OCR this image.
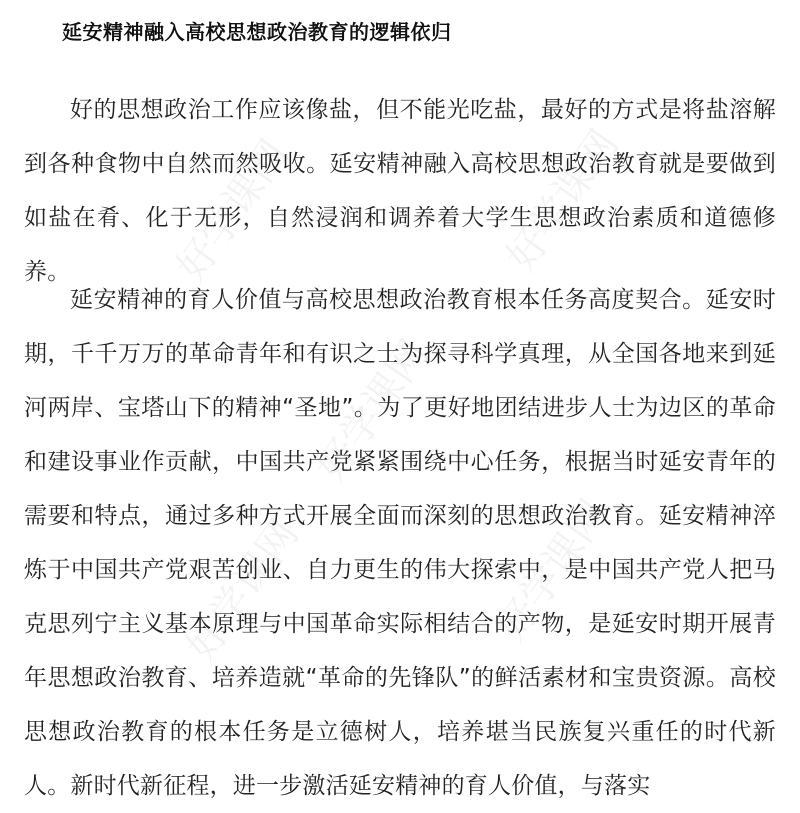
好学课网	好学课网
好学课网
好学课网	好学课网
延安精神融入高校思想政治教育的逻辑依归

好的思想政治工作应该像盐，但不能光吃盐，最好的方式是将盐溶解到各种食物中自然而然吸收。延安精神融入高校思想政治教育就是要做到如盐在肴、化于无形，自然浸润和调养着大学生思想政治素质和道德修养。

延安精神的育人价值与高校思想政治教育根本任务高度契合。延安时期，千千万万的革命青年和有识之士为探寻科学真理，从全国各地来到延河两岸、宝塔山下的精神“圣地”。为了更好地团结进步人士为边区的革命和建设事业作贡献，中国共产党紧紧围绕中心任务，根据当时延安青年的需要和特点，通过多种方式开展全面而深刻的思想政治教育。延安精神淬炼于中国共产党艰苦创业、自力更生的伟大探索中，是中国共产党人把马克思列宁主义基本原理与中国革命实际相结合的产物，是延安时期开展青年思想政治教育、培养造就“革命的先锋队”的鲜活素材和宝贵资源。高校思想政治教育的根本任务是立德树人，培养堪当民族复兴重任的时代新人。新时代新征程，进一步激活延安精神的育人价值，与落实
